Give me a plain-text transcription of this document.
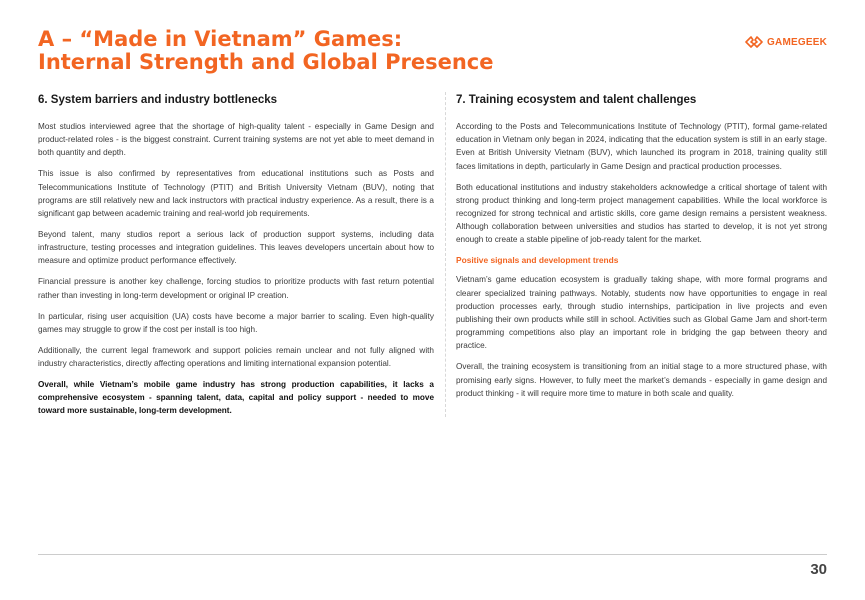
A – “Made in Vietnam” Games:
Internal Strength and Global Presence
GAMEGEEK
6. System barriers and industry bottlenecks

Most studios interviewed agree that the shortage of high-quality talent - especially in Game Design and product-related roles - is the biggest constraint. Current training systems are not yet able to meet demand in both quantity and depth.

This issue is also confirmed by representatives from educational institutions such as Posts and Telecommunications Institute of Technology (PTIT) and British University Vietnam (BUV), noting that programs are still relatively new and lack instructors with practical industry experience. As a result, there is a significant gap between academic training and real-world job requirements.

Beyond talent, many studios report a serious lack of production support systems, including data infrastructure, testing processes and integration guidelines. This leaves developers uncertain about how to measure and optimize product performance effectively.

Financial pressure is another key challenge, forcing studios to prioritize products with fast return potential rather than investing in long-term development or original IP creation.

In particular, rising user acquisition (UA) costs have become a major barrier to scaling. Even high-quality games may struggle to grow if the cost per install is too high.

Additionally, the current legal framework and support policies remain unclear and not fully aligned with industry characteristics, directly affecting operations and limiting international expansion potential.

Overall, while Vietnam’s mobile game industry has strong production capabilities, it lacks a comprehensive ecosystem - spanning talent, data, capital and policy support - needed to move toward more sustainable, long-term development.

7. Training ecosystem and talent challenges

According to the Posts and Telecommunications Institute of Technology (PTIT), formal game-related education in Vietnam only began in 2024, indicating that the education system is still in an early stage. Even at British University Vietnam (BUV), which launched its program in 2018, training quality still faces limitations in depth, particularly in Game Design and practical production processes.

Both educational institutions and industry stakeholders acknowledge a critical shortage of talent with strong product thinking and long-term project management capabilities. While the local workforce is recognized for strong technical and artistic skills, core game design remains a persistent weakness. Although collaboration between universities and studios has started to develop, it is not yet strong enough to create a stable pipeline of job-ready talent for the market.

Positive signals and development trends

Vietnam’s game education ecosystem is gradually taking shape, with more formal programs and clearer specialized training pathways. Notably, students now have opportunities to engage in real production processes early, through studio internships, participation in live projects and even publishing their own products while still in school. Activities such as Global Game Jam and short-term programming competitions also play an important role in bridging the gap between theory and practice.

Overall, the training ecosystem is transitioning from an initial stage to a more structured phase, with promising early signs. However, to fully meet the market’s demands - especially in game design and product thinking - it will require more time to mature in both scale and quality.

30
